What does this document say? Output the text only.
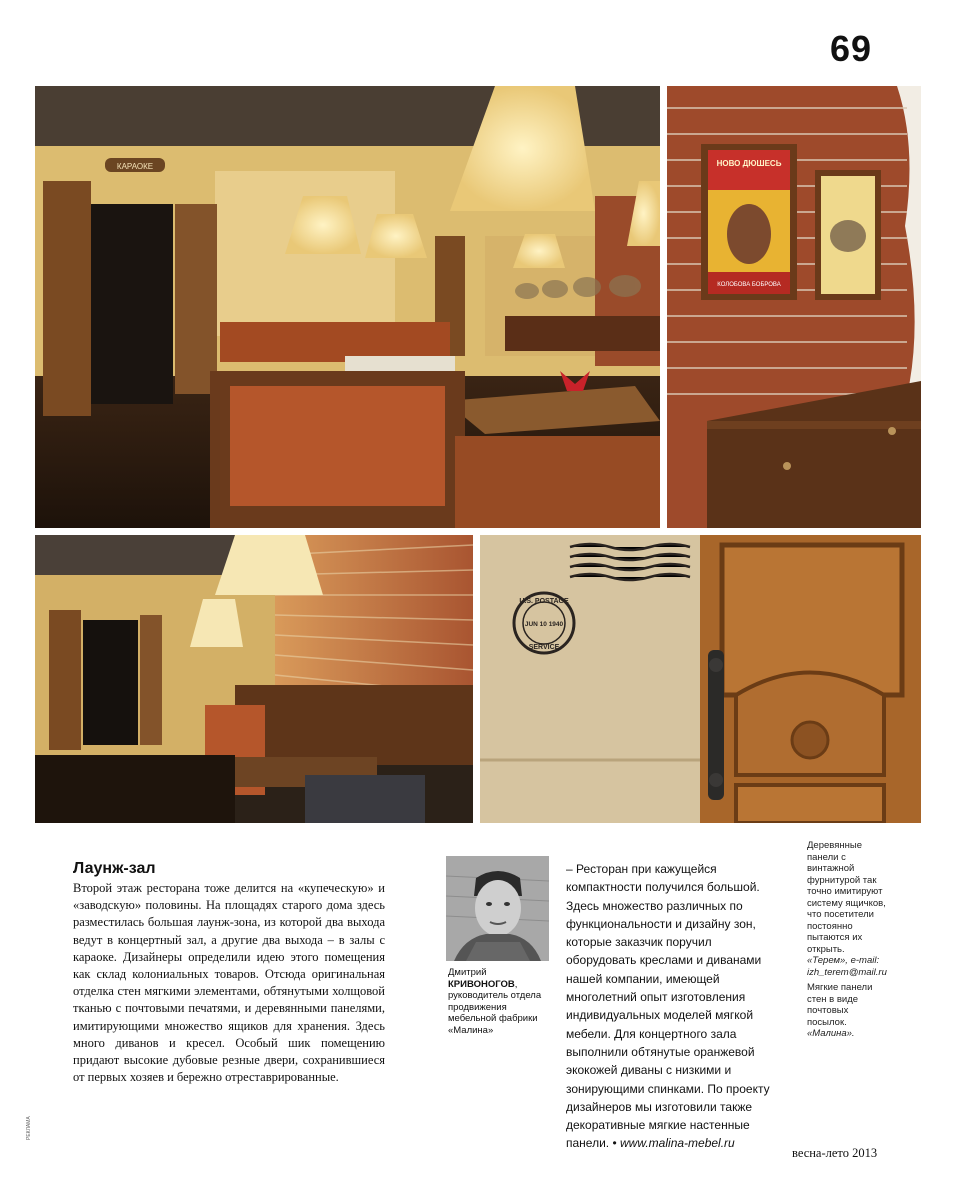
69
КАРАОКЕ	НОВО ДЮШЕСЬ
КОЛОБОВА БОБРОВА
U.S. POSTAGE
JUN 10 1940
SERVICE
Лаунж-зал

Второй этаж ресторана тоже делится на «купеческую» и «заводскую» половины. На площадях старого дома здесь разместилась большая лаунж-зона, из которой два выхода ведут в концертный зал, а другие два выхода – в залы с караоке. Дизайнеры определили идею этого помещения как склад колониальных товаров. Отсюда оригинальная отделка стен мягкими элементами, обтянутыми холщовой тканью с почтовыми печатями, и деревянными панелями, имитирующими множество ящиков для хранения. Здесь много диванов и кресел. Особый шик помещению придают высокие дубовые резные двери, сохранившиеся от первых хозяев и бережно отреставрированные.

Дмитрий
КРИВОНОГОВ,
руководитель отдела продвижения мебельной фабрики «Малина»
– Ресторан при кажущейся компактности получился большой. Здесь множество различных по функциональности и дизайну зон, которые заказчик поручил оборудовать креслами и диванами нашей компании, имеющей многолетний опыт изготовления индивидуальных моделей мягкой мебели. Для концертного зала выполнили обтянутые оранжевой экокожей диваны с низкими и зонирующими спинками. По проекту дизайнеров мы изготовили также декоративные мягкие настенные панели. • www.malina-mebel.ru

Деревянные панели с винтажной фурнитурой так точно имитируют систему ящичков, что посетители постоянно пытаются их открыть.

«Терем», e-mail: izh_terem@mail.ru

Мягкие панели стен в виде почтовых посылок.

«Малина».

весна-лето 2013
РЕКЛАМА
